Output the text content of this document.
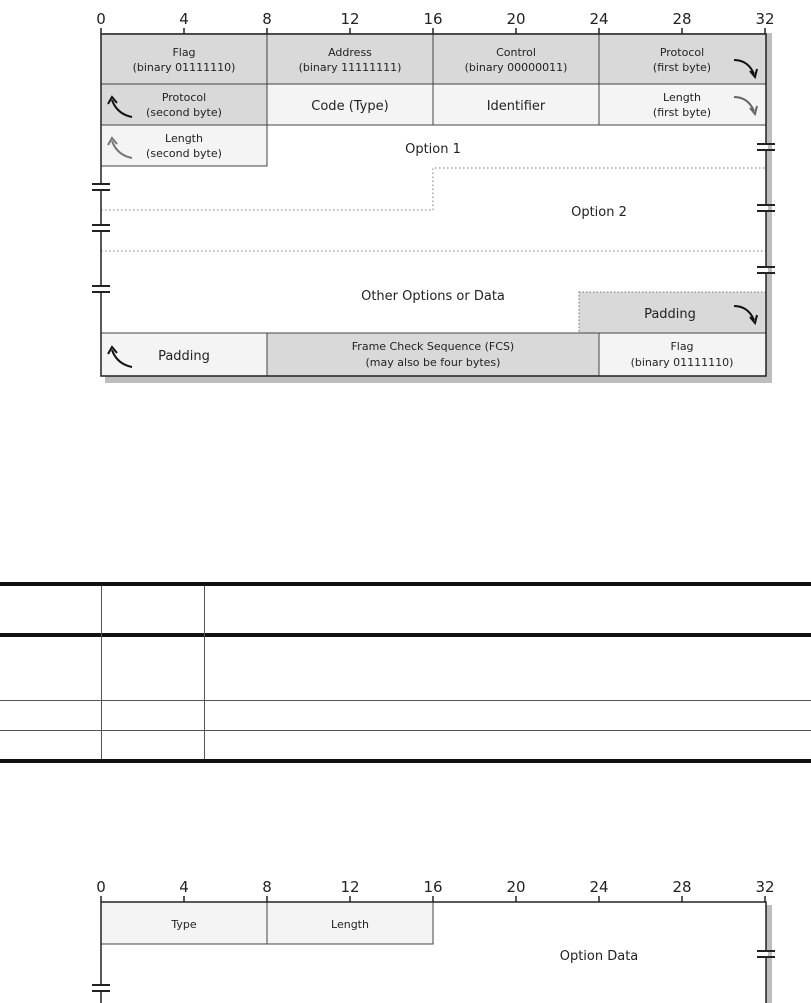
0	4	8	12	16	20	24	28	32
Flag
(binary 01111110)
Address
(binary 11111111)
Control
(binary 00000011)
Protocol
(first byte)
Protocol
(second byte)	Code (Type)	Identifier
Length
(first byte)
Length
(second byte)	Option 1
Option 2
Other Options or Data
Padding
Padding
Frame Check Sequence (FCS)
(may also be four bytes)
Flag
(binary 01111110)
0	4	8	12	16	20	24	28	32
Type	Length
Option Data
